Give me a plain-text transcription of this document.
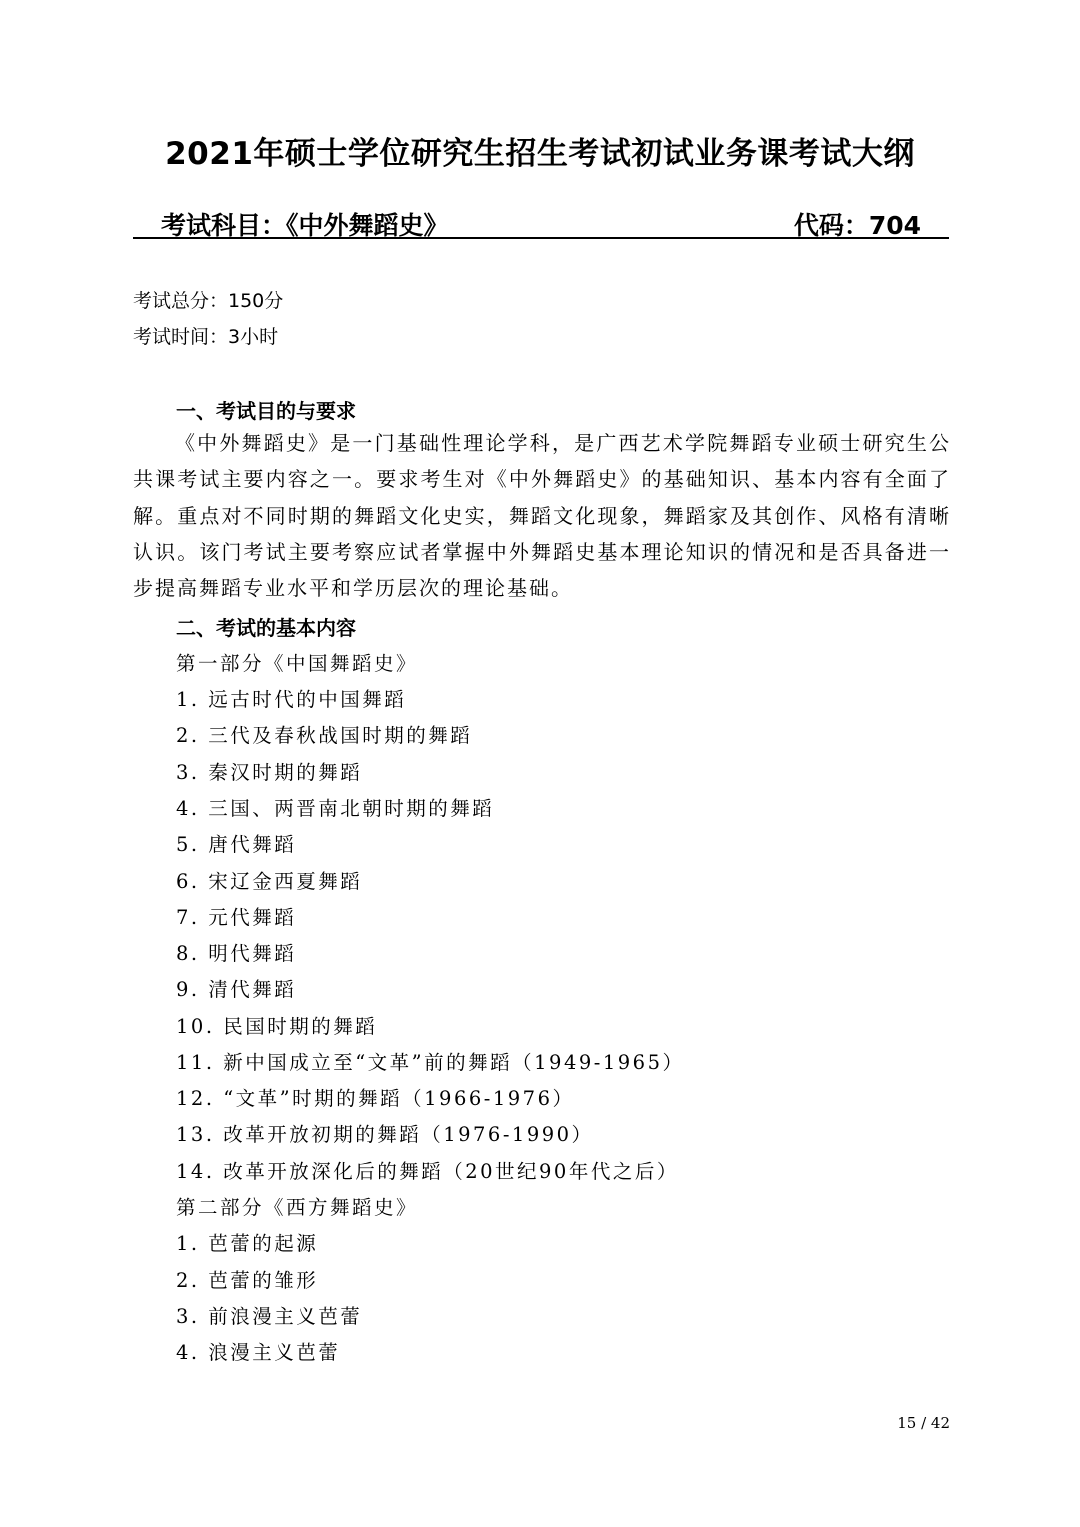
2021年硕士学位研究生招生考试初试业务课考试大纲
考试科目：《中外舞蹈史》	代码：704
考试总分：150分
考试时间：3小时
一、考试目的与要求

《中外舞蹈史》是一门基础性理论学科，是广西艺术学院舞蹈专业硕士研究生公共课考试主要内容之一。要求考生对《中外舞蹈史》的基础知识、基本内容有全面了解。重点对不同时期的舞蹈文化史实，舞蹈文化现象，舞蹈家及其创作、风格有清晰认识。该门考试主要考察应试者掌握中外舞蹈史基本理论知识的情况和是否具备进一步提高舞蹈专业水平和学历层次的理论基础。

二、考试的基本内容
第一部分《中国舞蹈史》
1. 远古时代的中国舞蹈
2. 三代及春秋战国时期的舞蹈
3. 秦汉时期的舞蹈
4. 三国、两晋南北朝时期的舞蹈
5. 唐代舞蹈
6. 宋辽金西夏舞蹈
7. 元代舞蹈
8. 明代舞蹈
9. 清代舞蹈
10. 民国时期的舞蹈
11. 新中国成立至“文革”前的舞蹈（1949-1965）
12. “文革”时期的舞蹈（1966-1976）
13. 改革开放初期的舞蹈（1976-1990）
14. 改革开放深化后的舞蹈（20世纪90年代之后）
第二部分《西方舞蹈史》
1. 芭蕾的起源
2. 芭蕾的雏形
3. 前浪漫主义芭蕾
4. 浪漫主义芭蕾
15 / 42
